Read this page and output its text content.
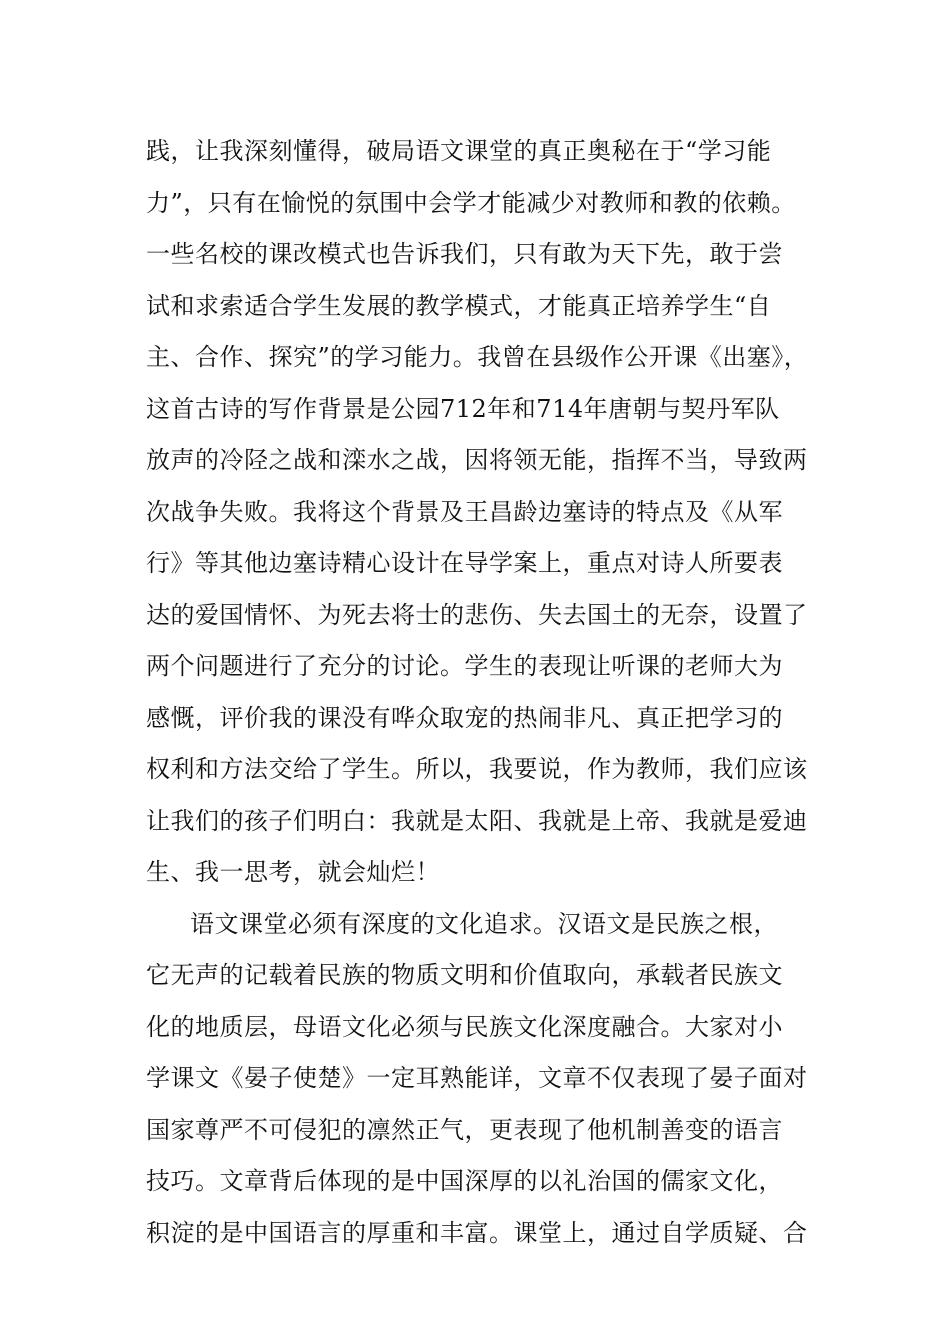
践，让我深刻懂得，破局语文课堂的真正奥秘在于“学习能
力”，只有在愉悦的氛围中会学才能减少对教师和教的依赖。
一些名校的课改模式也告诉我们，只有敢为天下先，敢于尝
试和求索适合学生发展的教学模式，才能真正培养学生“自
主、合作、探究”的学习能力。我曾在县级作公开课《出塞》，
这首古诗的写作背景是公园712年和714年唐朝与契丹军队
放声的冷陉之战和滦水之战，因将领无能，指挥不当，导致两
次战争失败。我将这个背景及王昌龄边塞诗的特点及《从军
行》等其他边塞诗精心设计在导学案上，重点对诗人所要表
达的爱国情怀、为死去将士的悲伤、失去国土的无奈，设置了
两个问题进行了充分的讨论。学生的表现让听课的老师大为
感慨，评价我的课没有哗众取宠的热闹非凡、真正把学习的
权利和方法交给了学生。所以，我要说，作为教师，我们应该
让我们的孩子们明白：我就是太阳、我就是上帝、我就是爱迪
生、我一思考，就会灿烂！
语文课堂必须有深度的文化追求。汉语文是民族之根，
它无声的记载着民族的物质文明和价值取向，承载者民族文
化的地质层，母语文化必须与民族文化深度融合。大家对小
学课文《晏子使楚》一定耳熟能详，文章不仅表现了晏子面对
国家尊严不可侵犯的凛然正气，更表现了他机制善变的语言
技巧。文章背后体现的是中国深厚的以礼治国的儒家文化，
积淀的是中国语言的厚重和丰富。课堂上，通过自学质疑、合
